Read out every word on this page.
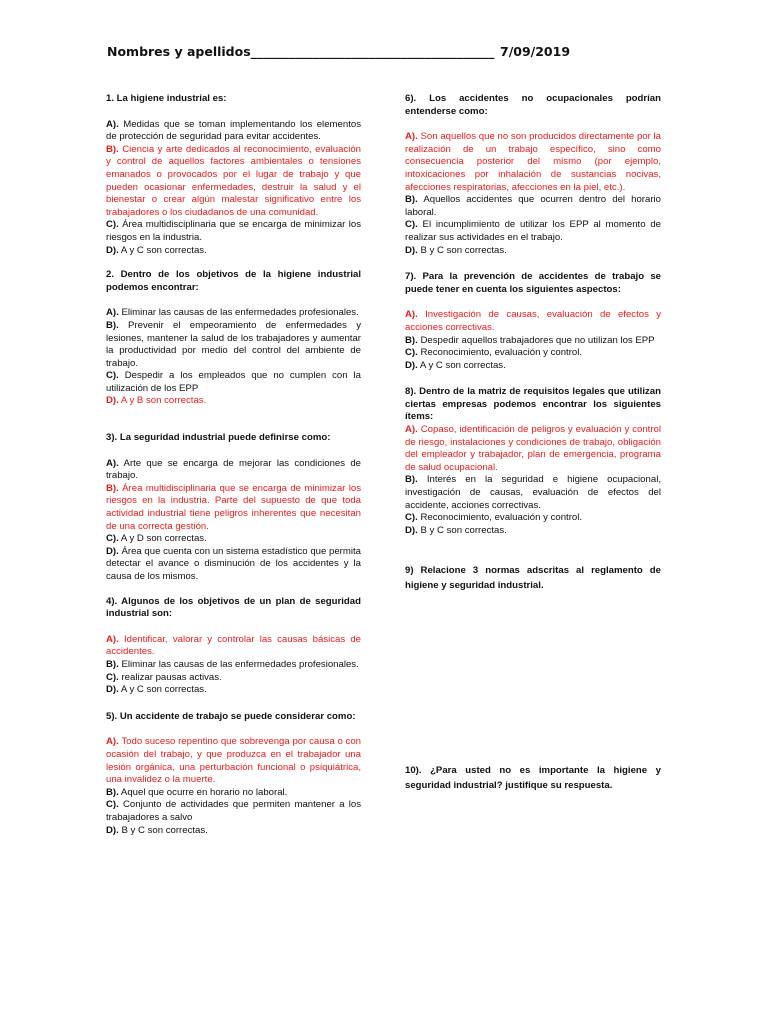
Nombres y apellidos_______________________________________ 7/09/2019
1. La higiene industrial es:
A). Medidas que se toman implementando los elementos de protección de seguridad para evitar accidentes.
B). Ciencia y arte dedicados al reconocimiento, evaluación y control de aquellos factores ambientales o tensiones emanados o provocados por el lugar de trabajo y que pueden ocasionar enfermedades, destruir la salud y el bienestar o crear algún malestar significativo entre los trabajadores o los ciudadanos de una comunidad.
C). Área multidisciplinaria que se encarga de minimizar los riesgos en la industria.
D). A y C son correctas.
2. Dentro de los objetivos de la higiene industrial podemos encontrar:
A). Eliminar las causas de las enfermedades profesionales.
B). Prevenir el empeoramiento de enfermedades y lesiones, mantener la salud de los trabajadores y aumentar la productividad por medio del control del ambiente de trabajo.
C). Despedir a los empleados que no cumplen con la utilización de los EPP
D). A y B son correctas.
3). La seguridad industrial puede definirse como:
A). Arte que se encarga de mejorar las condiciones de trabajo.
B). Área multidisciplinaria que se encarga de minimizar los riesgos en la industria. Parte del supuesto de que toda actividad industrial tiene peligros inherentes que necesitan de una correcta gestión.
C). A y D son correctas.
D). Área que cuenta con un sistema estadístico que permita detectar el avance o disminución de los accidentes y la causa de los mismos.
4). Algunos de los objetivos de un plan de seguridad industrial son:
A). Identificar, valorar y controlar las causas básicas de accidentes.
B). Eliminar las causas de las enfermedades profesionales.
C). realizar pausas activas.
D). A y C son correctas.
5). Un accidente de trabajo se puede considerar como:
A). Todo suceso repentino que sobrevenga por causa o con ocasión del trabajo, y que produzca en el trabajador una lesión orgánica, una perturbación funcional o psiquiátrica, una invalidez o la muerte.
B). Aquel que ocurre en horario no laboral.
C). Conjunto de actividades que permiten mantener a los trabajadores a salvo
D). B y C son correctas.
6). Los accidentes no ocupacionales podrían entenderse como:
A). Son aquellos que no son producidos directamente por la realización de un trabajo específico, sino como consecuencia posterior del mismo (por ejemplo, intoxicaciones por inhalación de sustancias nocivas, afecciones respiratorias, afecciones en la piel, etc.).
B). Aquellos accidentes que ocurren dentro del horario laboral.
C). El incumplimiento de utilizar los EPP al momento de realizar sus actividades en el trabajo.
D). B y C son correctas.
7). Para la prevención de accidentes de trabajo se puede tener en cuenta los siguientes aspectos:
A). Investigación de causas, evaluación de efectos y acciones correctivas.
B). Despedir aquellos trabajadores que no utilizan los EPP
C). Reconocimiento, evaluación y control.
D). A y C son correctas.
8). Dentro de la matriz de requisitos legales que utilizan ciertas empresas podemos encontrar los siguientes ítems:
A). Copaso, identificación de peligros y evaluación y control de riesgo, instalaciones y condiciones de trabajo, obligación del empleador y trabajador, plan de emergencia, programa de salud ocupacional.
B). Interés en la seguridad e higiene ocupacional, investigación de causas, evaluación de efectos del accidente, acciones correctivas.
C). Reconocimiento, evaluación y control.
D). B y C son correctas.
9) Relacione 3 normas adscritas al reglamento de higiene y seguridad industrial.
10). ¿Para usted no es importante la higiene y seguridad industrial? justifique su respuesta.
